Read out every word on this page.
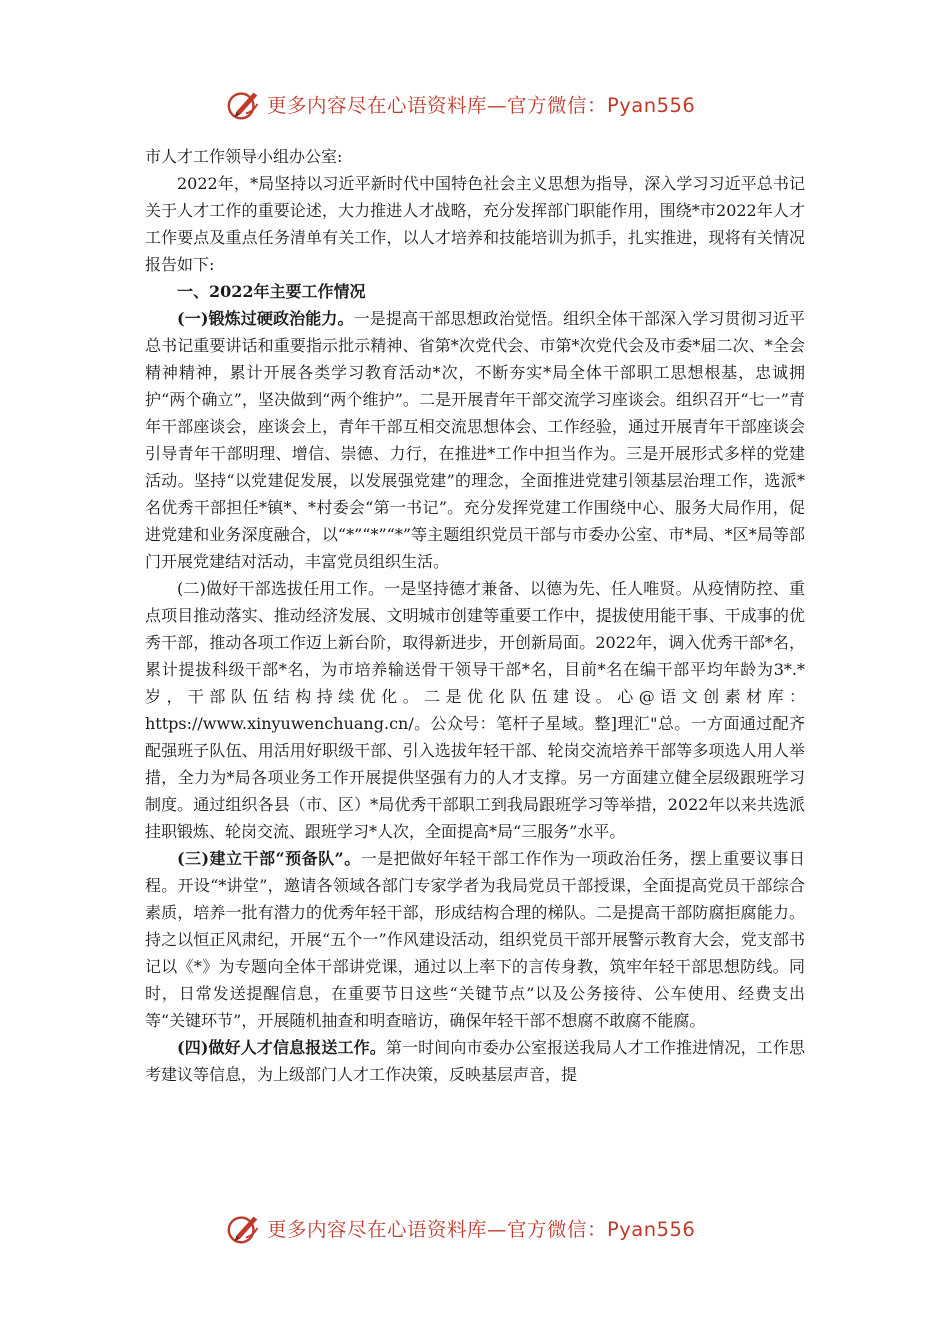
更多内容尽在心语资料库—官方微信：Pyan556

市人才工作领导小组办公室:

2022年，*局坚持以习近平新时代中国特色社会主义思想为指导，深入学习习近平总书记关于人才工作的重要论述，大力推进人才战略，充分发挥部门职能作用，围绕*市2022年人才工作要点及重点任务清单有关工作，以人才培养和技能培训为抓手，扎实推进，现将有关情况报告如下:

一、2022年主要工作情况

(一)锻炼过硬政治能力。一是提高干部思想政治觉悟。组织全体干部深入学习贯彻习近平总书记重要讲话和重要指示批示精神、省第*次党代会、市第*次党代会及市委*届二次、*全会精神精神，累计开展各类学习教育活动*次，不断夯实*局全体干部职工思想根基，忠诚拥护“两个确立”，坚决做到“两个维护”。二是开展青年干部交流学习座谈会。组织召开“七一”青年干部座谈会，座谈会上，青年干部互相交流思想体会、工作经验，通过开展青年干部座谈会引导青年干部明理、增信、崇德、力行，在推进*工作中担当作为。三是开展形式多样的党建活动。坚持“以党建促发展，以发展强党建”的理念，全面推进党建引领基层治理工作，选派*名优秀干部担任*镇*、*村委会“第一书记”。充分发挥党建工作围绕中心、服务大局作用，促进党建和业务深度融合，以“*”“*”“*”等主题组织党员干部与市委办公室、市*局、*区*局等部门开展党建结对活动，丰富党员组织生活。

(二)做好干部选拔任用工作。一是坚持德才兼备、以德为先、任人唯贤。从疫情防控、重点项目推动落实、推动经济发展、文明城市创建等重要工作中，提拔使用能干事、干成事的优秀干部，推动各项工作迈上新台阶，取得新进步，开创新局面。2022年，调入优秀干部*名，累计提拔科级干部*名，为市培养输送骨干领导干部*名，目前*名在编干部平均年龄为3*.*岁，干部队伍结构持续优化。二是优化队伍建设。心@语文创素材库：https://www.xinyuwenchuang.cn/。公众号：笔杆子星域。整]理汇"总。一方面通过配齐配强班子队伍、用活用好职级干部、引入选拔年轻干部、轮岗交流培养干部等多项选人用人举措，全力为*局各项业务工作开展提供坚强有力的人才支撑。另一方面建立健全层级跟班学习制度。通过组织各县（市、区）*局优秀干部职工到我局跟班学习等举措，2022年以来共选派挂职锻炼、轮岗交流、跟班学习*人次，全面提高*局“三服务”水平。

(三)建立干部“预备队”。一是把做好年轻干部工作作为一项政治任务，摆上重要议事日程。开设“*讲堂”，邀请各领域各部门专家学者为我局党员干部授课，全面提高党员干部综合素质，培养一批有潜力的优秀年轻干部，形成结构合理的梯队。二是提高干部防腐拒腐能力。持之以恒正风肃纪，开展“五个一”作风建设活动，组织党员干部开展警示教育大会，党支部书记以《*》为专题向全体干部讲党课，通过以上率下的言传身教，筑牢年轻干部思想防线。同时，日常发送提醒信息，在重要节日这些“关键节点”以及公务接待、公车使用、经费支出等“关键环节”，开展随机抽查和明查暗访，确保年轻干部不想腐不敢腐不能腐。

(四)做好人才信息报送工作。第一时间向市委办公室报送我局人才工作推进情况，工作思考建议等信息，为上级部门人才工作决策，反映基层声音，提

更多内容尽在心语资料库—官方微信：Pyan556
